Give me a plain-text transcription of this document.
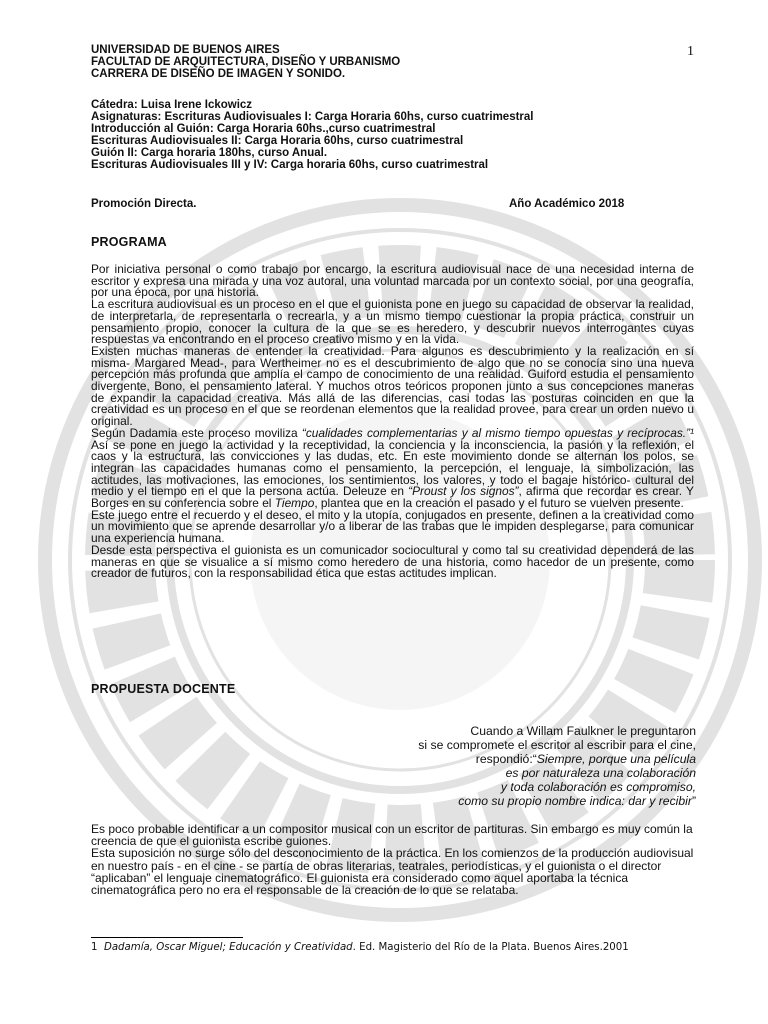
1
UNIVERSIDAD DE BUENOS AIRES
FACULTAD DE ARQUITECTURA, DISEÑO Y URBANISMO
CARRERA DE DISEÑO DE IMAGEN Y SONIDO.
Cátedra: Luisa Irene Ickowicz
Asignaturas: Escrituras Audiovisuales I: Carga Horaria 60hs, curso cuatrimestral
Introducción al Guión: Carga Horaria 60hs.,curso cuatrimestral
Escrituras Audiovisuales II: Carga Horaria 60hs, curso cuatrimestral
Guión II: Carga horaria 180hs, curso Anual.
Escrituras Audiovisuales III y IV: Carga horaria 60hs, curso cuatrimestral
Promoción Directa.	Año Académico 2018
PROGRAMA

Por iniciativa personal o como trabajo por encargo, la escritura audiovisual nace de una necesidad interna de escritor y expresa una mirada y una voz autoral, una voluntad marcada por un contexto social, por una geografía, por una época, por una historia.

La escritura audiovisual es un proceso en el que el guionista pone en juego su capacidad de observar la realidad, de interpretarla, de representarla o recrearla, y a un mismo tiempo cuestionar la propia práctica, construir un pensamiento propio, conocer la cultura de la que se es heredero, y descubrir nuevos interrogantes cuyas respuestas va encontrando en el proceso creativo mismo y en la vida.

Existen muchas maneras de entender la creatividad. Para algunos es descubrimiento y la realización en sí misma- Margared Mead-, para Wertheimer no es el descubrimiento de algo que no se conocía sino una nueva percepción más profunda que amplía el campo de conocimiento de una realidad. Guiford estudia el pensamiento divergente, Bono, el pensamiento lateral. Y muchos otros teóricos proponen junto a sus concepciones maneras de expandir la capacidad creativa. Más allá de las diferencias, casi todas las posturas coinciden en que la creatividad es un proceso en el que se reordenan elementos que la realidad provee, para crear un orden nuevo u original.

Según Dadamia este proceso moviliza “cualidades complementarias y al mismo tiempo opuestas y recíprocas.”¹ Así se pone en juego la actividad y la receptividad, la conciencia y la inconsciencia, la pasión y la reflexión, el caos y la estructura, las convicciones y las dudas, etc. En este movimiento donde se alternan los polos, se integran las capacidades humanas como el pensamiento, la percepción, el lenguaje, la simbolización, las actitudes, las motivaciones, las emociones, los sentimientos, los valores, y todo el bagaje histórico- cultural del medio y el tiempo en el que la persona actúa. Deleuze en “Proust y los signos”, afirma que recordar es crear. Y Borges en su conferencia sobre el Tiempo, plantea que en la creación el pasado y el futuro se vuelven presente.

Este juego entre el recuerdo y el deseo, el mito y la utopía, conjugados en presente, definen a la creatividad como un movimiento que se aprende desarrollar y/o a liberar de las trabas que le impiden desplegarse, para comunicar una experiencia humana.

Desde esta perspectiva el guionista es un comunicador sociocultural y como tal su creatividad dependerá de las maneras en que se visualice a sí mismo como heredero de una historia, como hacedor de un presente, como creador de futuros, con la responsabilidad ética que estas actitudes implican.

PROPUESTA DOCENTE
Cuando a Willam Faulkner le preguntaron
si se compromete el escritor al escribir para el cine,
respondió:“Siempre, porque una película
es por naturaleza una colaboración
y toda colaboración es compromiso,
como su propio nombre indica: dar y recibir”

Es poco probable identificar a un compositor musical con un escritor de partituras. Sin embargo es muy común la creencia de que el guionista escribe guiones.

Esta suposición no surge sólo del desconocimiento de la práctica. En los comienzos de la producción audiovisual en nuestro país - en el cine - se partía de obras literarias, teatrales, periodísticas, y el guionista o el director “aplicaban” el lenguaje cinematográfico. El guionista era considerado como aquel aportaba la técnica cinematográfica pero no era el responsable de la creación de lo que se relataba.

1 Dadamía, Oscar Miguel; Educación y Creatividad. Ed. Magisterio del Río de la Plata. Buenos Aires.2001
